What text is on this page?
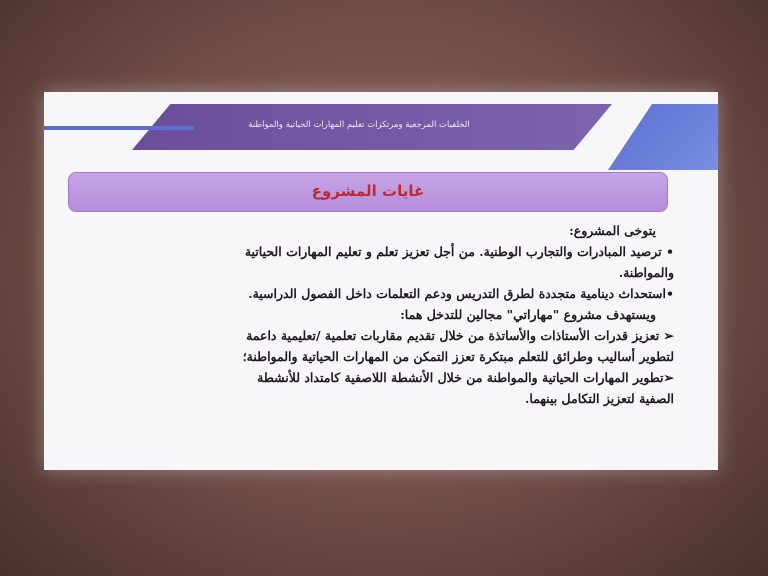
الخلفيات المرجعية ومرتكزات تعليم المهارات الحياتية والمواطنة
غايات المشروع

يتوخى المشروع:

• ترصيد المبادرات والتجارب الوطنية. من أجل تعزيز تعلم و تعليم المهارات الحياتية

والمواطنة.

•استحداث دينامية متجددة لطرق التدريس ودعم التعلمات داخل الفصول الدراسية.

ويستهدف مشروع "مهاراتي" مجالين للتدخل هما:

➢ تعزيز قدرات الأستاذات والأساتذة من خلال تقديم مقاربات تعلمية /تعليمية داعمة

لتطوير أساليب وطرائق للتعلم مبتكرة تعزز التمكن من المهارات الحياتية والمواطنة؛

➢تطوير المهارات الحياتية والمواطنة من خلال الأنشطة اللاصفية كامتداد للأنشطة

الصفية لتعزيز التكامل بينهما.
